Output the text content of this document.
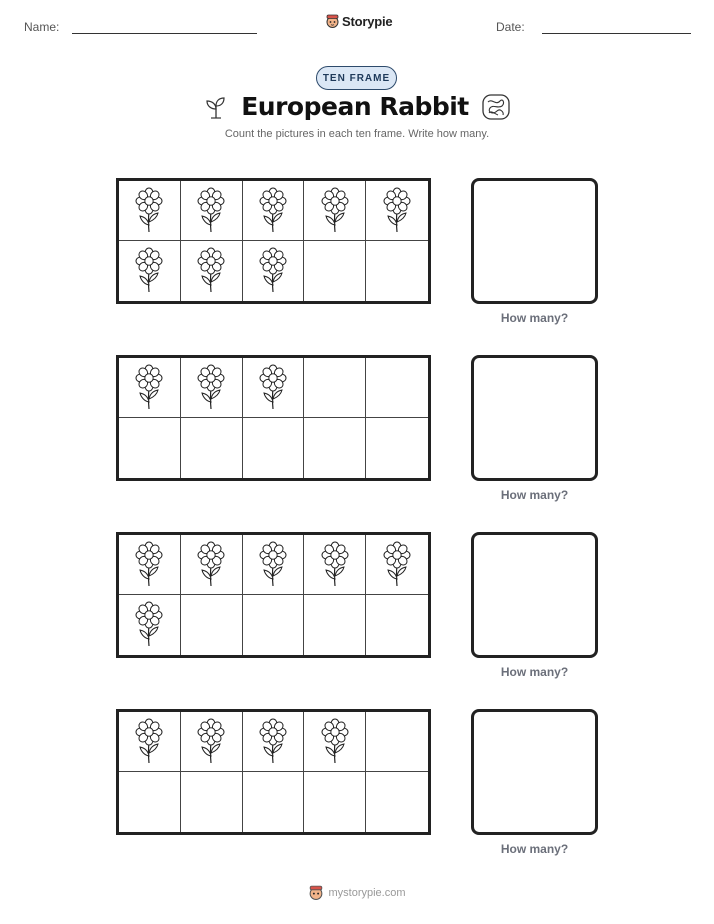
Name:	Storypie	Date:
TEN FRAME
European Rabbit
Count the pictures in each ten frame. Write how many.
How many?
How many?
How many?
How many?
mystorypie.com
